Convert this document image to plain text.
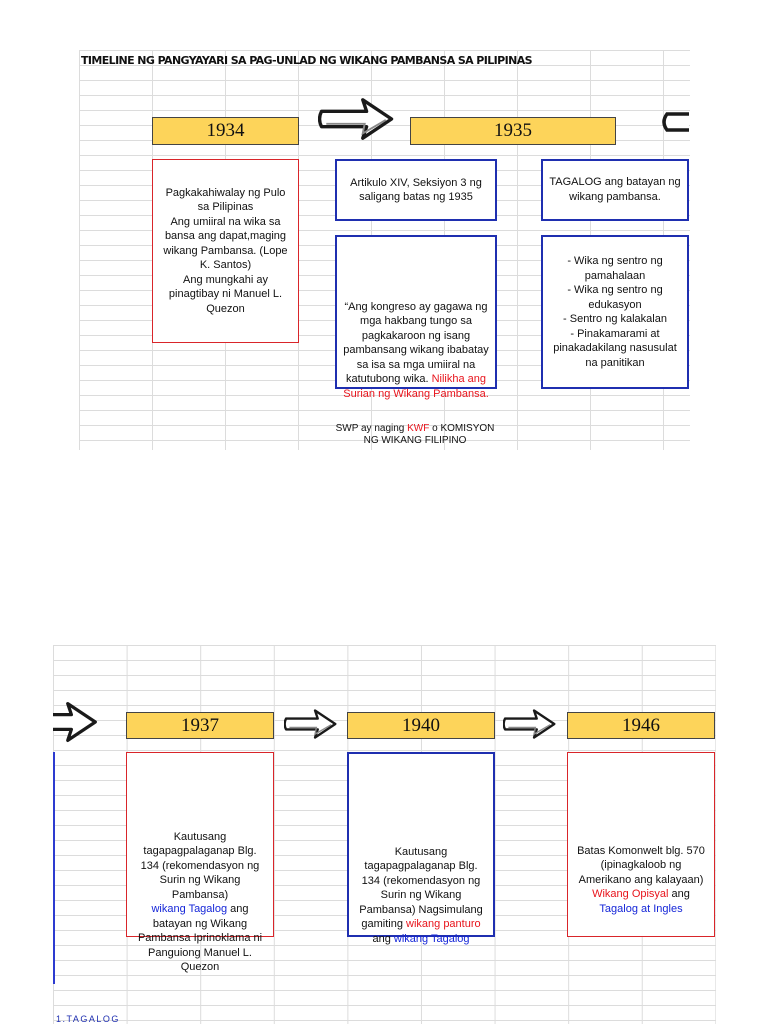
TIMELINE NG PANGYAYARI SA PAG-UNLAD NG WIKANG PAMBANSA SA PILIPINAS
1934	1935
Pagkakahiwalay ng Pulo sa Pilipinas
Ang umiiral na wika sa bansa ang dapat,maging wikang Pambansa. (Lope K. Santos)
Ang mungkahi ay pinagtibay ni Manuel L. Quezon
Artikulo XIV, Seksiyon 3 ng saligang batas ng 1935

“Ang kongreso ay gagawa ng mga hakbang tungo sa pagkakaroon ng isang pambansang wikang ibabatay sa isa sa mga umiiral na katutubong wika. Nilikha ang Surian ng Wikang Pambansa.

TAGALOG ang batayan ng wikang pambansa.
- Wika ng sentro ng pamahalaan
- Wika ng sentro ng edukasyon
- Sentro ng kalakalan
- Pinakamarami at pinakadakilang nasusulat na panitikan
SWP ay naging KWF o KOMISYON NG WIKANG FILIPINO
1937	1940	1946

Kautusang tagapagpalaganap Blg. 134 (rekomendasyon ng Surin ng Wikang Pambansa)
wikang Tagalog ang batayan ng Wikang Pambansa Iprinoklama ni Panguiong Manuel L. Quezon

Kautusang tagapagpalaganap Blg. 134 (rekomendasyon ng Surin ng Wikang Pambansa) Nagsimulang gamiting wikang panturo ang wikang Tagalog

Batas Komonwelt blg. 570 (ipinagkaloob ng Amerikano ang kalayaan)
Wikang Opisyal ang Tagalog at Ingles

1.TAGALOG
